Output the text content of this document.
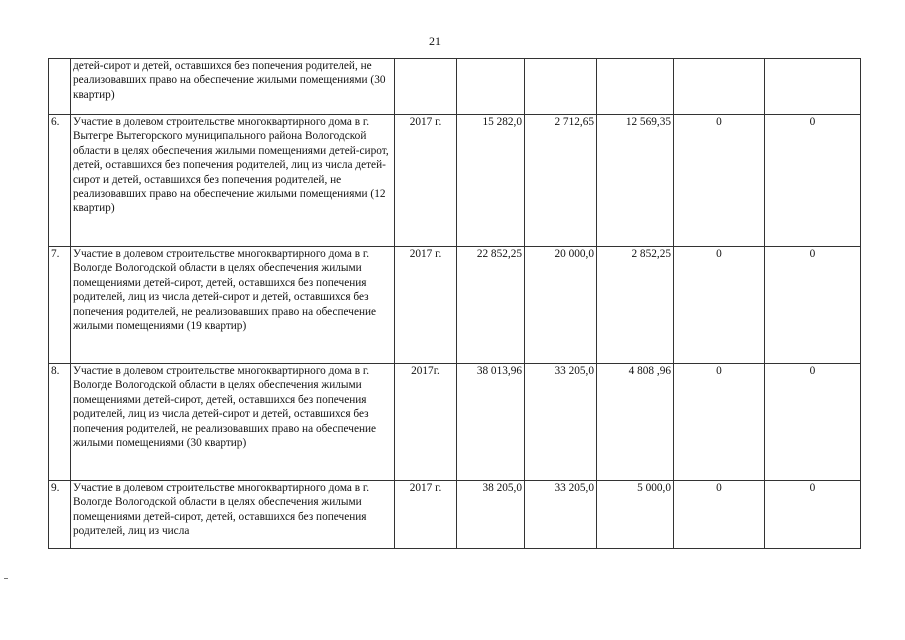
21
	детей-сирот и детей, оставшихся без попечения родителей, не реализовавших право на обеспечение жилыми помещениями (30 квартир)						
6.	Участие в долевом строительстве многоквартирного дома в г. Вытегре Вытегорского муниципального района Вологодской области в целях обеспечения жилыми помещениями детей-сирот, детей, оставшихся без попечения родителей, лиц из числа детей-сирот и детей, оставшихся без попечения родителей, не реализовавших право на обеспечение жилыми помещениями (12 квартир)	2017 г.	15 282,0	2 712,65	12 569,35	0	0
7.	Участие в долевом строительстве многоквартирного дома в г. Вологде Вологодской области в целях обеспечения жилыми помещениями детей-сирот, детей, оставшихся без попечения родителей, лиц из числа детей-сирот и детей, оставшихся без попечения родителей, не реализовавших право на обеспечение жилыми помещениями (19 квартир)	2017 г.	22 852,25	20 000,0	2 852,25	0	0
8.	Участие в долевом строительстве многоквартирного дома в г. Вологде Вологодской области в целях обеспечения жилыми помещениями детей-сирот, детей, оставшихся без попечения родителей, лиц из числа детей-сирот и детей, оставшихся без попечения родителей, не реализовавших право на обеспечение жилыми помещениями (30 квартир)	2017г.	38 013,96	33 205,0	4 808 ,96	0	0
9.	Участие в долевом строительстве многоквартирного дома в г. Вологде Вологодской области в целях обеспечения жилыми помещениями детей-сирот, детей, оставшихся без попечения родителей, лиц из числа	2017 г.	38 205,0	33 205,0	5 000,0	0	0
